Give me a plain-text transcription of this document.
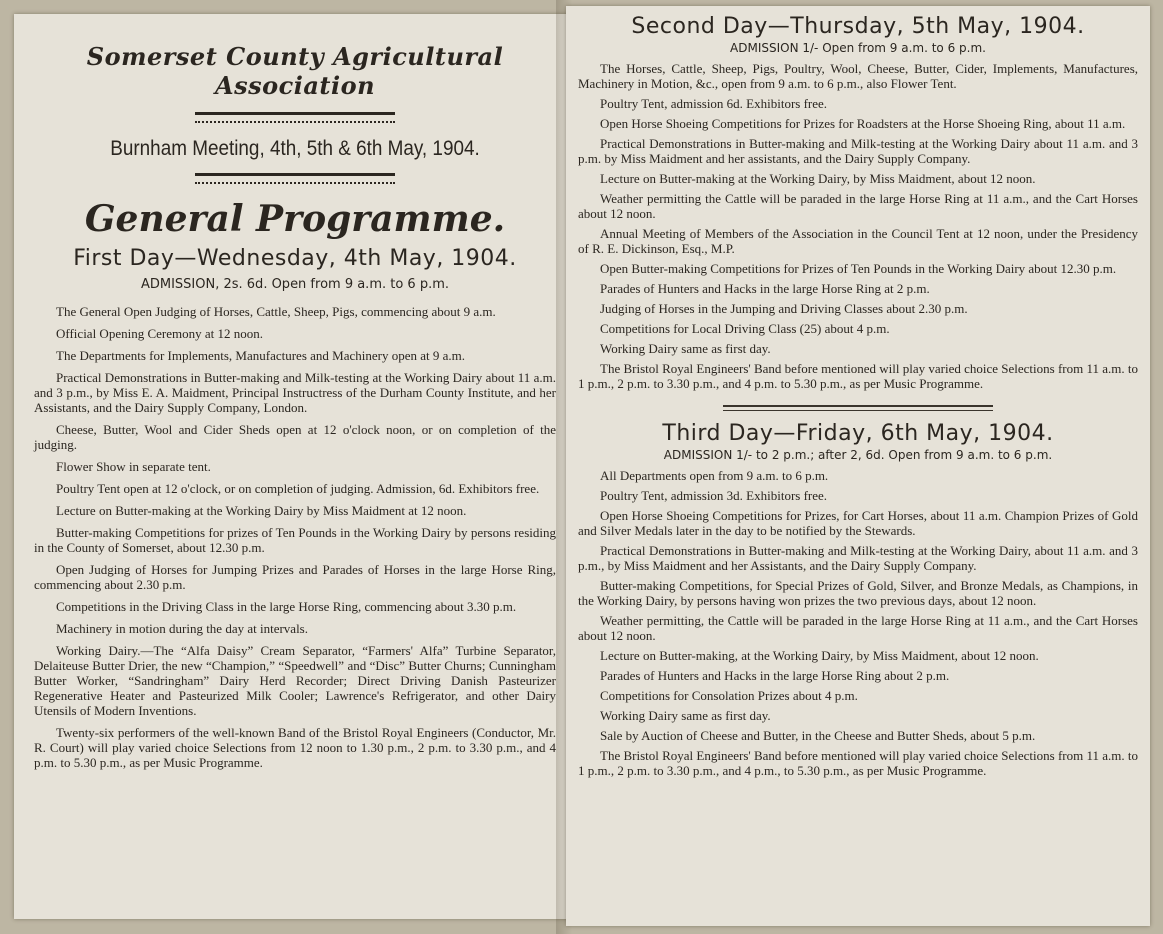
Somerset County Agricultural Association
Burnham Meeting, 4th, 5th & 6th May, 1904.
General Programme.
First Day—Wednesday, 4th May, 1904.
ADMISSION, 2s. 6d. Open from 9 a.m. to 6 p.m.

The General Open Judging of Horses, Cattle, Sheep, Pigs, commencing about 9 a.m.

Official Opening Ceremony at 12 noon.

The Departments for Implements, Manufactures and Machinery open at 9 a.m.

Practical Demonstrations in Butter-making and Milk-testing at the Working Dairy about 11 a.m. and 3 p.m., by Miss E. A. Maidment, Principal Instructress of the Durham County Institute, and her Assistants, and the Dairy Supply Company, London.

Cheese, Butter, Wool and Cider Sheds open at 12 o'clock noon, or on completion of the judging.

Flower Show in separate tent.

Poultry Tent open at 12 o'clock, or on completion of judging. Admission, 6d. Exhibitors free.

Lecture on Butter-making at the Working Dairy by Miss Maidment at 12 noon.

Butter-making Competitions for prizes of Ten Pounds in the Working Dairy by persons residing in the County of Somerset, about 12.30 p.m.

Open Judging of Horses for Jumping Prizes and Parades of Horses in the large Horse Ring, commencing about 2.30 p.m.

Competitions in the Driving Class in the large Horse Ring, commencing about 3.30 p.m.

Machinery in motion during the day at intervals.

Working Dairy.—The “Alfa Daisy” Cream Separator, “Farmers' Alfa” Turbine Separator, Delaiteuse Butter Drier, the new “Champion,” “Speedwell” and “Disc” Butter Churns; Cunningham Butter Worker, “Sandringham” Dairy Herd Recorder; Direct Driving Danish Pasteurizer Regenerative Heater and Pasteurized Milk Cooler; Lawrence's Refrigerator, and other Dairy Utensils of Modern Inventions.

Twenty-six performers of the well-known Band of the Bristol Royal Engineers (Conductor, Mr. R. Court) will play varied choice Selections from 12 noon to 1.30 p.m., 2 p.m. to 3.30 p.m., and 4 p.m. to 5.30 p.m., as per Music Programme.

Second Day—Thursday, 5th May, 1904.
ADMISSION 1/- Open from 9 a.m. to 6 p.m.

The Horses, Cattle, Sheep, Pigs, Poultry, Wool, Cheese, Butter, Cider, Implements, Manufactures, Machinery in Motion, &c., open from 9 a.m. to 6 p.m., also Flower Tent.

Poultry Tent, admission 6d. Exhibitors free.

Open Horse Shoeing Competitions for Prizes for Roadsters at the Horse Shoeing Ring, about 11 a.m.

Practical Demonstrations in Butter-making and Milk-testing at the Working Dairy about 11 a.m. and 3 p.m. by Miss Maidment and her assistants, and the Dairy Supply Company.

Lecture on Butter-making at the Working Dairy, by Miss Maidment, about 12 noon.

Weather permitting the Cattle will be paraded in the large Horse Ring at 11 a.m., and the Cart Horses about 12 noon.

Annual Meeting of Members of the Association in the Council Tent at 12 noon, under the Presidency of R. E. Dickinson, Esq., M.P.

Open Butter-making Competitions for Prizes of Ten Pounds in the Working Dairy about 12.30 p.m.

Parades of Hunters and Hacks in the large Horse Ring at 2 p.m.

Judging of Horses in the Jumping and Driving Classes about 2.30 p.m.

Competitions for Local Driving Class (25) about 4 p.m.

Working Dairy same as first day.

The Bristol Royal Engineers' Band before mentioned will play varied choice Selections from 11 a.m. to 1 p.m., 2 p.m. to 3.30 p.m., and 4 p.m. to 5.30 p.m., as per Music Programme.

Third Day—Friday, 6th May, 1904.
ADMISSION 1/- to 2 p.m.; after 2, 6d. Open from 9 a.m. to 6 p.m.

All Departments open from 9 a.m. to 6 p.m.

Poultry Tent, admission 3d. Exhibitors free.

Open Horse Shoeing Competitions for Prizes, for Cart Horses, about 11 a.m. Champion Prizes of Gold and Silver Medals later in the day to be notified by the Stewards.

Practical Demonstrations in Butter-making and Milk-testing at the Working Dairy, about 11 a.m. and 3 p.m., by Miss Maidment and her Assistants, and the Dairy Supply Company.

Butter-making Competitions, for Special Prizes of Gold, Silver, and Bronze Medals, as Champions, in the Working Dairy, by persons having won prizes the two previous days, about 12 noon.

Weather permitting, the Cattle will be paraded in the large Horse Ring at 11 a.m., and the Cart Horses about 12 noon.

Lecture on Butter-making, at the Working Dairy, by Miss Maidment, about 12 noon.

Parades of Hunters and Hacks in the large Horse Ring about 2 p.m.

Competitions for Consolation Prizes about 4 p.m.

Working Dairy same as first day.

Sale by Auction of Cheese and Butter, in the Cheese and Butter Sheds, about 5 p.m.

The Bristol Royal Engineers' Band before mentioned will play varied choice Selections from 11 a.m. to 1 p.m., 2 p.m. to 3.30 p.m., and 4 p.m., to 5.30 p.m., as per Music Programme.
